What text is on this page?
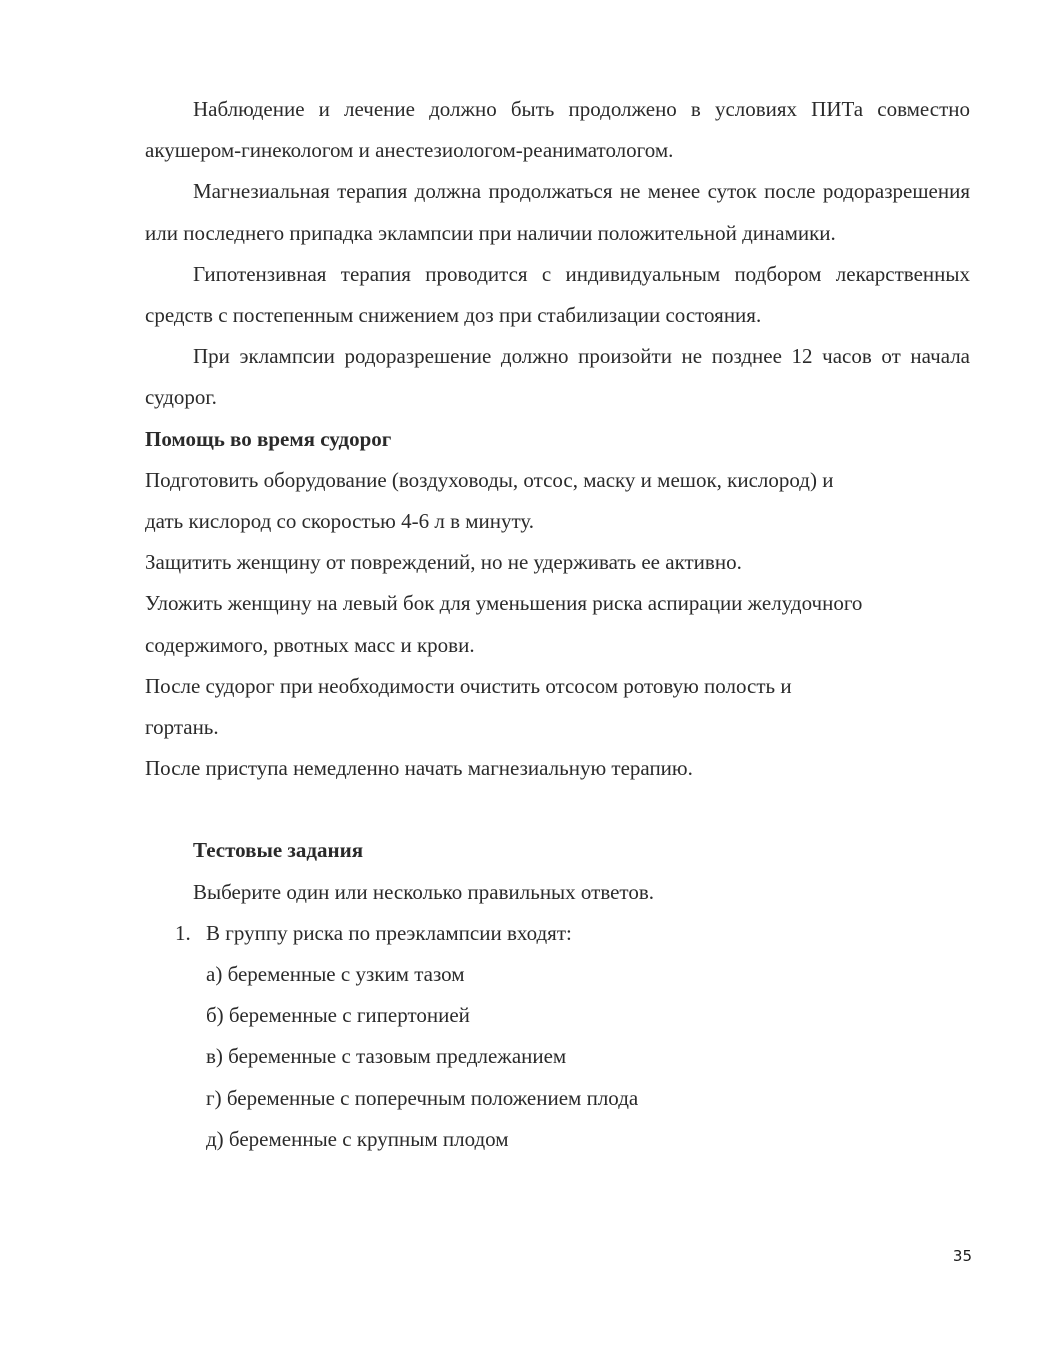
Наблюдение и лечение должно быть продолжено в условиях ПИТа совместно акушером-гинекологом и анестезиологом-реаниматологом.

Магнезиальная терапия должна продолжаться не менее суток после родоразрешения или последнего припадка эклампсии при наличии положительной динамики.

Гипотензивная терапия проводится с индивидуальным подбором лекарственных средств с постепенным снижением доз при стабилизации состояния.

При эклампсии родоразрешение должно произойти не позднее 12 часов от начала судорог.

Помощь во время судорог

Подготовить оборудование (воздуховоды, отсос, маску и мешок, кислород) и

дать кислород со скоростью 4-6 л в минуту.

Защитить женщину от повреждений, но не удерживать ее активно.

Уложить женщину на левый бок для уменьшения риска аспирации желудочного

содержимого, рвотных масс и крови.

После судорог при необходимости очистить отсосом ротовую полость и

гортань.

После приступа немедленно начать магнезиальную терапию.

Тестовые задания

Выберите один или несколько правильных ответов.

1. В группу риска по преэклампсии входят:

а) беременные с узким тазом

б) беременные с гипертонией

в) беременные с тазовым предлежанием

г) беременные с поперечным положением плода

д) беременные с крупным плодом

35
